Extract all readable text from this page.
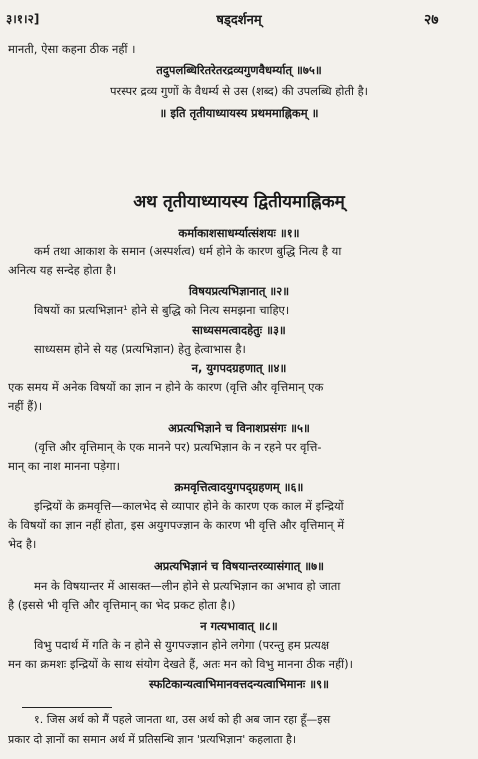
३।१।२]	षड्दर्शनम्	२७
मानती, ऐसा कहना ठीक नहीं ।
तदुपलब्धिरितरेतरद्रव्यगुणवैधर्म्यात् ॥७५॥
परस्पर द्रव्य गुणों के वैधर्म्य से उस (शब्द) की उपलब्धि होती है।
॥ इति तृतीयाध्यायस्य प्रथममाह्निकम् ॥
अथ तृतीयाध्यायस्य द्वितीयमाह्निकम्
कर्माकाशसाधर्म्यात्संशयः ॥१॥
कर्म तथा आकाश के समान (अस्पर्शत्व) धर्म होने के कारण बुद्धि नित्य है या
अनित्य यह सन्देह होता है।
विषयप्रत्यभिज्ञानात् ॥२॥
विषयों का प्रत्यभिज्ञान¹ होने से बुद्धि को नित्य समझना चाहिए।
साध्यसमत्वादहेतुः ॥३॥
साध्यसम होने से यह (प्रत्यभिज्ञान) हेतु हेत्वाभास है।
न, युगपदग्रहणात् ॥४॥
एक समय में अनेक विषयों का ज्ञान न होने के कारण (वृत्ति और वृत्तिमान् एक
नहीं हैं)।
अप्रत्यभिज्ञाने च विनाशप्रसंगः ॥५॥
(वृत्ति और वृत्तिमान् के एक मानने पर) प्रत्यभिज्ञान के न रहने पर वृत्ति-
मान् का नाश मानना पड़ेगा।
क्रमवृत्तित्वादयुगपद्ग्रहणम् ॥६॥
इन्द्रियों के क्रमवृत्ति—कालभेद से व्यापार होने के कारण एक काल में इन्द्रियों
के विषयों का ज्ञान नहीं होता, इस अयुगपज्ज्ञान के कारण भी वृत्ति और वृत्तिमान् में
भेद है।
अप्रत्यभिज्ञानं च विषयान्तरव्यासंगात् ॥७॥
मन के विषयान्तर में आसक्त—लीन होने से प्रत्यभिज्ञान का अभाव हो जाता
है (इससे भी वृत्ति और वृत्तिमान् का भेद प्रकट होता है।)
न गत्यभावात् ॥८॥
विभु पदार्थ में गति के न होने से युगपज्ज्ञान होने लगेगा (परन्तु हम प्रत्यक्ष
मन का क्रमशः इन्द्रियों के साथ संयोग देखते हैं, अतः मन को विभु मानना ठीक नहीं)।
स्फटिकान्यत्वाभिमानवत्तदन्यत्वाभिमानः ॥९॥
१. जिस अर्थ को मैं पहले जानता था, उस अर्थ को ही अब जान रहा हूँ—इस
प्रकार दो ज्ञानों का समान अर्थ में प्रतिसन्धि ज्ञान 'प्रत्यभिज्ञान' कहलाता है।
